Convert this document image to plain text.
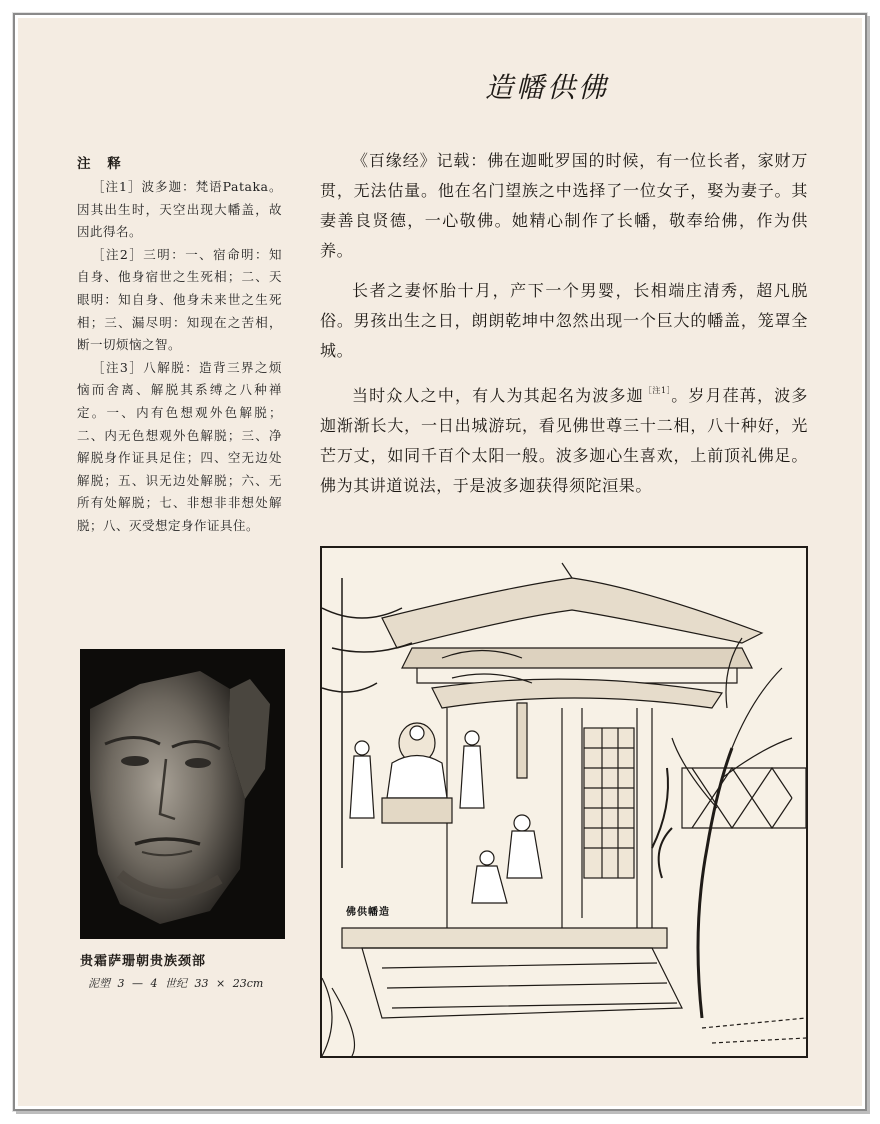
造幡供佛
注 释

［注1］波多迦：梵语Pataka。因其出生时，天空出现大幡盖，故因此得名。

［注2］三明：一、宿命明：知自身、他身宿世之生死相；二、天眼明：知自身、他身未来世之生死相；三、漏尽明：知现在之苦相，断一切烦恼之智。

［注3］八解脱：造背三界之烦恼而舍离、解脱其系缚之八种禅定。一、内有色想观外色解脱；二、内无色想观外色解脱；三、净解脱身作证具足住；四、空无边处解脱；五、识无边处解脱；六、无所有处解脱；七、非想非非想处解脱；八、灭受想定身作证具住。

《百缘经》记载：佛在迦毗罗国的时候，有一位长者，家财万贯，无法估量。他在名门望族之中选择了一位女子，娶为妻子。其妻善良贤德，一心敬佛。她精心制作了长幡，敬奉给佛，作为供养。

长者之妻怀胎十月，产下一个男婴，长相端庄清秀，超凡脱俗。男孩出生之日，朗朗乾坤中忽然出现一个巨大的幡盖，笼罩全城。

当时众人之中，有人为其起名为波多迦$^{[注1]}$。岁月荏苒，波多迦渐渐长大，一日出城游玩，看见佛世尊三十二相，八十种好，光芒万丈，如同千百个太阳一般。波多迦心生喜欢，上前顶礼佛足。佛为其讲道说法，于是波多迦获得须陀洹果。

贵霜萨珊朝贵族颈部
泥塑 3 — 4 世纪 33 × 23cm
佛供幡造
